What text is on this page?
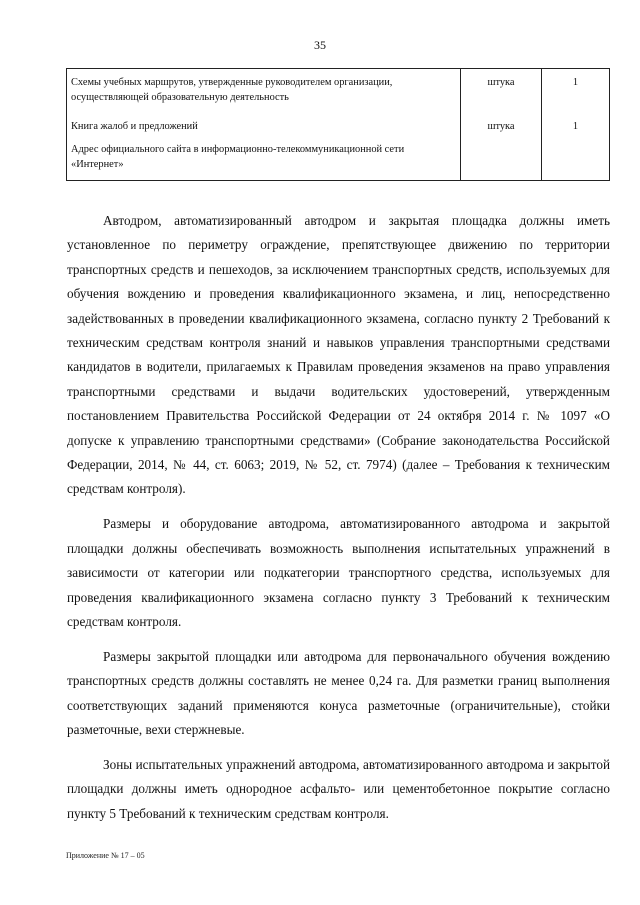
35
Схемы учебных маршрутов, утвержденные руководителем организации, осуществляющей образовательную деятельность	штука	1
Книга жалоб и предложений	штука	1
Адрес официального сайта в информационно-телекоммуникационной сети «Интернет»		

Автодром, автоматизированный автодром и закрытая площадка должны иметь установленное по периметру ограждение, препятствующее движению по территории транспортных средств и пешеходов, за исключением транспортных средств, используемых для обучения вождению и проведения квалификационного экзамена, и лиц, непосредственно задействованных в проведении квалификационного экзамена, согласно пункту 2 Требований к техническим средствам контроля знаний и навыков управления транспортными средствами кандидатов в водители, прилагаемых к Правилам проведения экзаменов на право управления транспортными средствами и выдачи водительских удостоверений, утвержденным постановлением Правительства Российской Федерации от 24 октября 2014 г. № 1097 «О допуске к управлению транспортными средствами» (Собрание законодательства Российской Федерации, 2014, № 44, ст. 6063; 2019, № 52, ст. 7974) (далее – Требования к техническим средствам контроля).

Размеры и оборудование автодрома, автоматизированного автодрома и закрытой площадки должны обеспечивать возможность выполнения испытательных упражнений в зависимости от категории или подкатегории транспортного средства, используемых для проведения квалификационного экзамена согласно пункту 3 Требований к техническим средствам контроля.

Размеры закрытой площадки или автодрома для первоначального обучения вождению транспортных средств должны составлять не менее 0,24 га. Для разметки границ выполнения соответствующих заданий применяются конуса разметочные (ограничительные), стойки разметочные, вехи стержневые.

Зоны испытательных упражнений автодрома, автоматизированного автодрома и закрытой площадки должны иметь однородное асфальто- или цементобетонное покрытие согласно пункту 5 Требований к техническим средствам контроля.

Приложение № 17 – 05
